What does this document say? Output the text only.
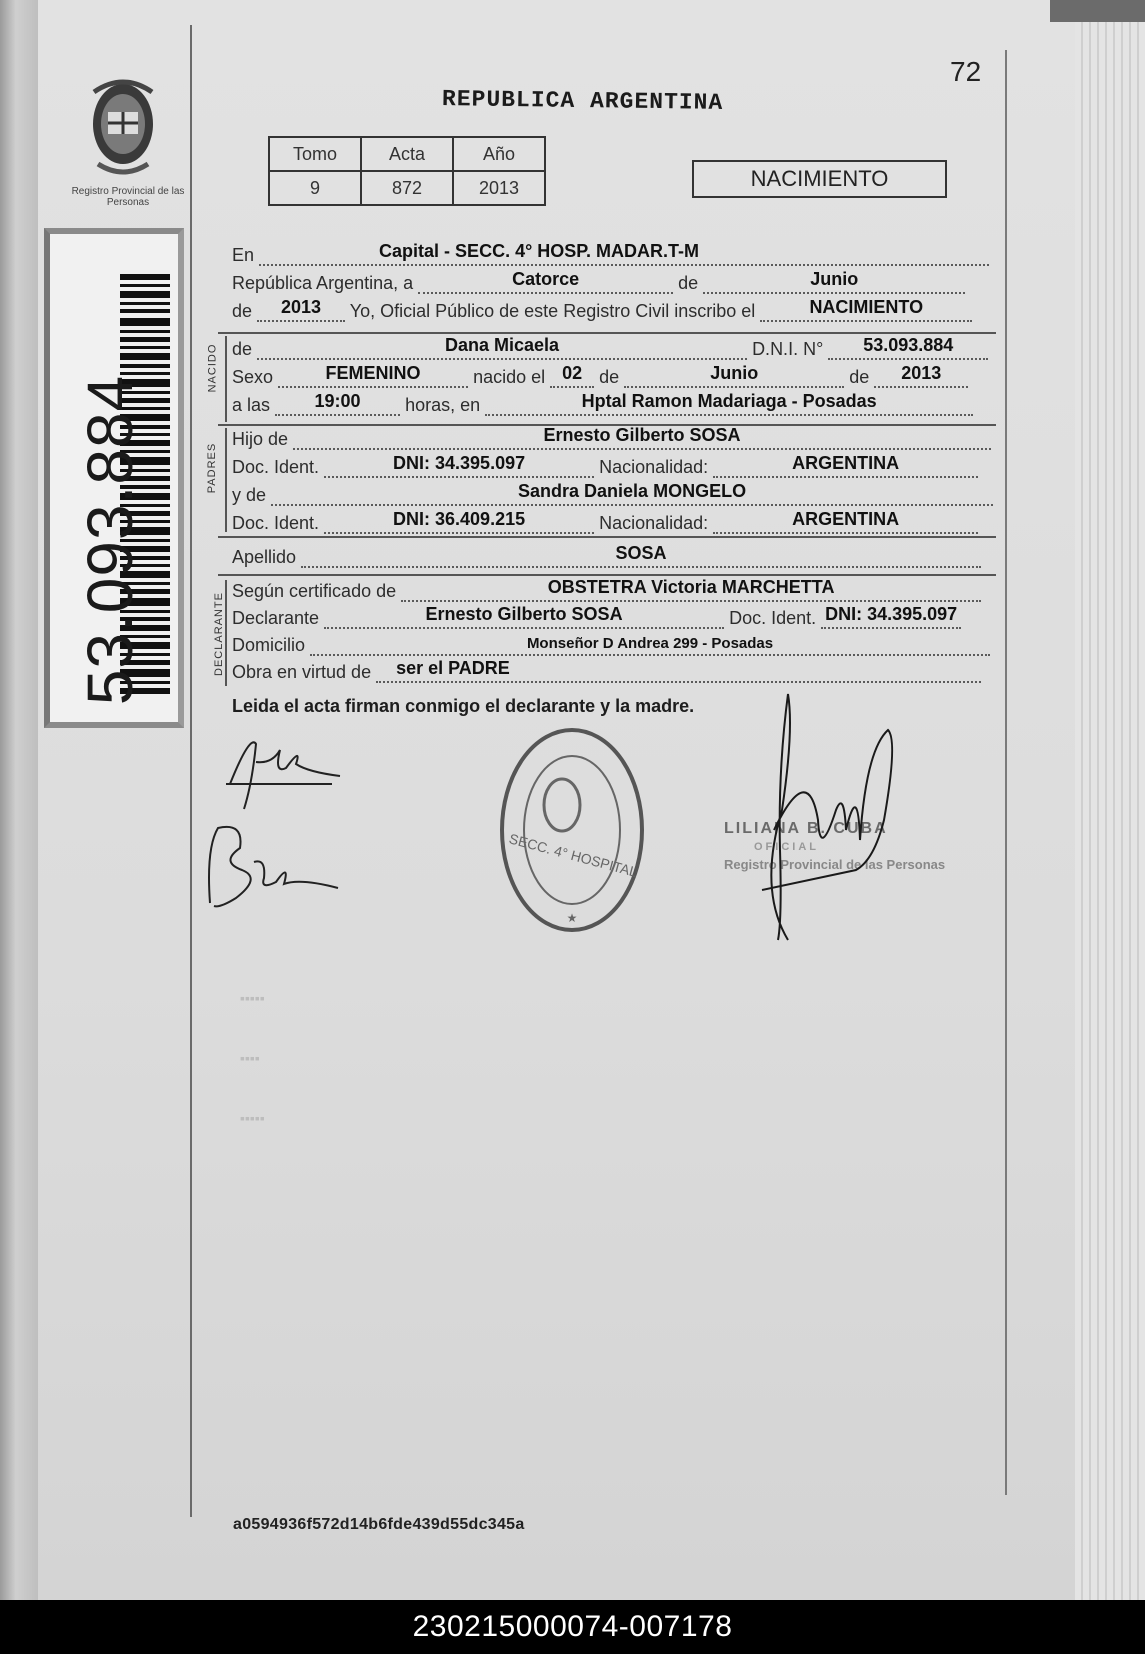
Registro Provincial de las Personas
53.093.884
72
REPUBLICA ARGENTINA
Tomo	Acta	Año
9	872	2013	NACIMIENTO
En	Capital - SECC. 4° HOSP. MADAR.T-M
República Argentina, a	Catorce	de	Junio
de	2013	Yo, Oficial Público de este Registro Civil inscribo el	NACIMIENTO
NACIDO de	Dana Micaela	D.N.I. N°	53.093.884
Sexo	FEMENINO	nacido el 02 de	Junio	de	2013
a las	19:00	horas, en	Hptal Ramon Madariaga - Posadas
PADRES
Hijo de	Ernesto Gilberto SOSA
Doc. Ident.	DNI: 34.395.097	Nacionalidad:	ARGENTINA
y de	Sandra Daniela MONGELO
Doc. Ident.	DNI: 36.409.215	Nacionalidad:	ARGENTINA
Apellido	SOSA
DECLARANTE
Según certificado de	OBSTETRA Victoria MARCHETTA
Declarante	Ernesto Gilberto SOSA	Doc. Ident. DNI: 34.395.097
Domicilio	Monseñor D Andrea 299 - Posadas
Obra en virtud de ser el PADRE
Leida el acta firman conmigo el declarante y la madre.
SECC. 4° HOSPITAL
★
LILIANA B. CUBA
OFICIAL
Registro Provincial de las Personas
▪▪▪▪▪
▪▪▪▪
▪▪▪▪▪
a0594936f572d14b6fde439d55dc345a
230215000074-007178
